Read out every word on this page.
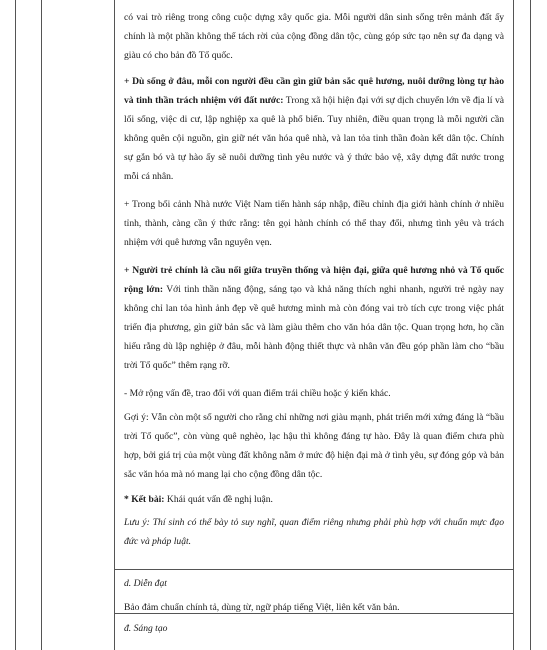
có vai trò riêng trong công cuộc dựng xây quốc gia. Mỗi người dân sinh sống trên mảnh đất ấy chính là một phần không thể tách rời của cộng đồng dân tộc, cùng góp sức tạo nên sự đa dạng và giàu có cho bản đồ Tổ quốc.

+ Dù sống ở đâu, mỗi con người đều cần gìn giữ bản sắc quê hương, nuôi dưỡng lòng tự hào và tinh thần trách nhiệm với đất nước: Trong xã hội hiện đại với sự dịch chuyển lớn về địa lí và lối sống, việc di cư, lập nghiệp xa quê là phổ biến. Tuy nhiên, điều quan trọng là mỗi người cần không quên cội nguồn, gìn giữ nét văn hóa quê nhà, và lan tỏa tinh thần đoàn kết dân tộc. Chính sự gắn bó và tự hào ấy sẽ nuôi dưỡng tình yêu nước và ý thức bảo vệ, xây dựng đất nước trong mỗi cá nhân.

+ Trong bối cảnh Nhà nước Việt Nam tiến hành sáp nhập, điều chỉnh địa giới hành chính ở nhiều tỉnh, thành, càng cần ý thức rằng: tên gọi hành chính có thể thay đổi, nhưng tình yêu và trách nhiệm với quê hương vẫn nguyên vẹn.

+ Người trẻ chính là cầu nối giữa truyền thống và hiện đại, giữa quê hương nhỏ và Tổ quốc rộng lớn: Với tinh thần năng động, sáng tạo và khả năng thích nghi nhanh, người trẻ ngày nay không chỉ lan tỏa hình ảnh đẹp về quê hương mình mà còn đóng vai trò tích cực trong việc phát triển địa phương, gìn giữ bản sắc và làm giàu thêm cho văn hóa dân tộc. Quan trọng hơn, họ cần hiểu rằng dù lập nghiệp ở đâu, mỗi hành động thiết thực và nhân văn đều góp phần làm cho “bầu trời Tổ quốc” thêm rạng rỡ.

- Mở rộng vấn đề, trao đổi với quan điểm trái chiều hoặc ý kiến khác.

Gợi ý: Vẫn còn một số người cho rằng chỉ những nơi giàu mạnh, phát triển mới xứng đáng là “bầu trời Tổ quốc”, còn vùng quê nghèo, lạc hậu thì không đáng tự hào. Đây là quan điểm chưa phù hợp, bởi giá trị của một vùng đất không nằm ở mức độ hiện đại mà ở tình yêu, sự đóng góp và bản sắc văn hóa mà nó mang lại cho cộng đồng dân tộc.

* Kết bài: Khái quát vấn đề nghị luận.

Lưu ý: Thí sinh có thể bày tỏ suy nghĩ, quan điểm riêng nhưng phải phù hợp với chuẩn mực đạo đức và pháp luật.

d. Diễn đạt

Bảo đảm chuẩn chính tả, dùng từ, ngữ pháp tiếng Việt, liên kết văn bản.

đ. Sáng tạo
